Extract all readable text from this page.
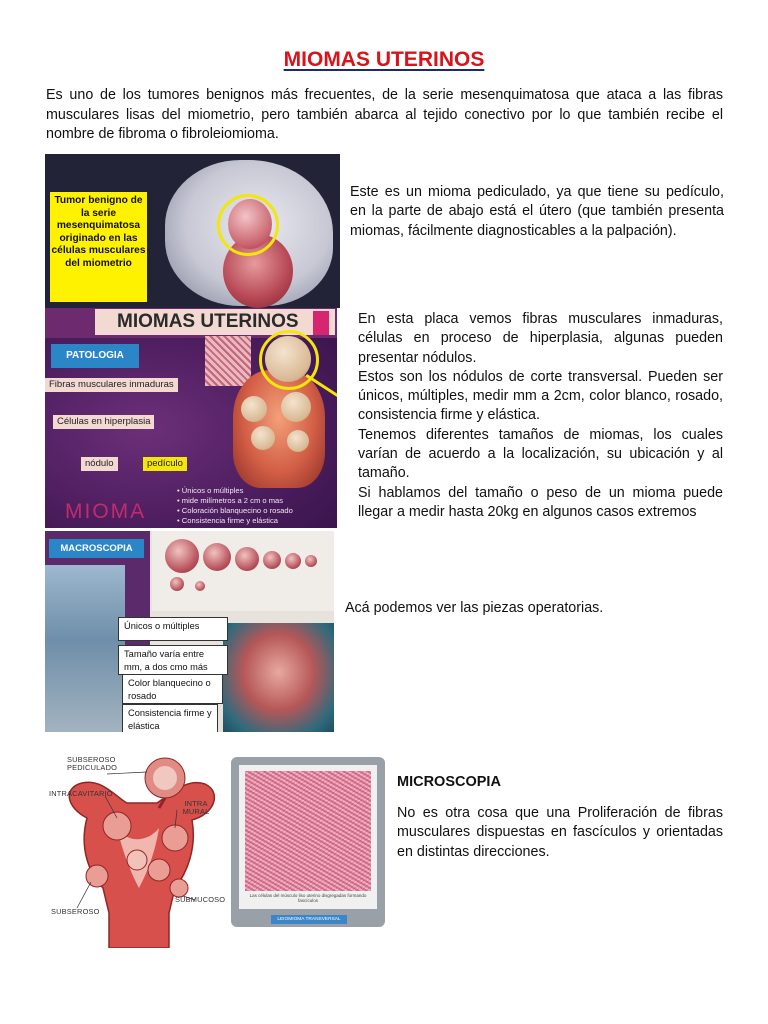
MIOMAS UTERINOS
Es uno de los tumores benignos más frecuentes, de la serie mesenquimatosa que ataca a las fibras musculares lisas del miometrio, pero también abarca al tejido conectivo por lo que también recibe el nombre de fibroma o fibroleiomioma.
Tumor benigno de la serie mesenquimatosa originado en las células musculares del miometrio
Este es un mioma pediculado, ya que tiene su pedículo, en la parte de abajo está el útero (que también presenta miomas, fácilmente diagnosticables a la palpación).
MIOMAS UTERINOS
PATOLOGIA
Fibras musculares inmaduras
Células en hiperplasia
nódulo	pedículo
MIOMA
• Únicos o múltiples
• mide milímetros a 2 cm o mas
• Coloración blanquecino o rosado
• Consistencia firme y elástica

En esta placa vemos fibras musculares inmaduras, células en proceso de hiperplasia, algunas pueden presentar nódulos.

Estos son los nódulos de corte transversal. Pueden ser únicos, múltiples, medir mm a 2cm, color blanco, rosado, consistencia firme y elástica.

Tenemos diferentes tamaños de miomas, los cuales varían de acuerdo a la localización, su ubicación y al tamaño.

Si hablamos del tamaño o peso de un mioma puede llegar a medir hasta 20kg en algunos casos extremos

MACROSCOPIA
Únicos o múltiples
Tamaño varía entre mm, a dos cmo más
Color blanquecino o rosado
Consistencia firme y elástica
Acá podemos ver las piezas operatorias.
SUBSEROSO PEDICULADO
INTRACAVITARIO
INTRA MURAL
SUBMUCOSO
SUBSEROSO
Las células del músculo liso uterino disgregadas formando fascículos
LEIOMIOMA TRANSVERSAL
MICROSCOPIA
No es otra cosa que una Proliferación de fibras musculares dispuestas en fascículos y orientadas en distintas direcciones.
